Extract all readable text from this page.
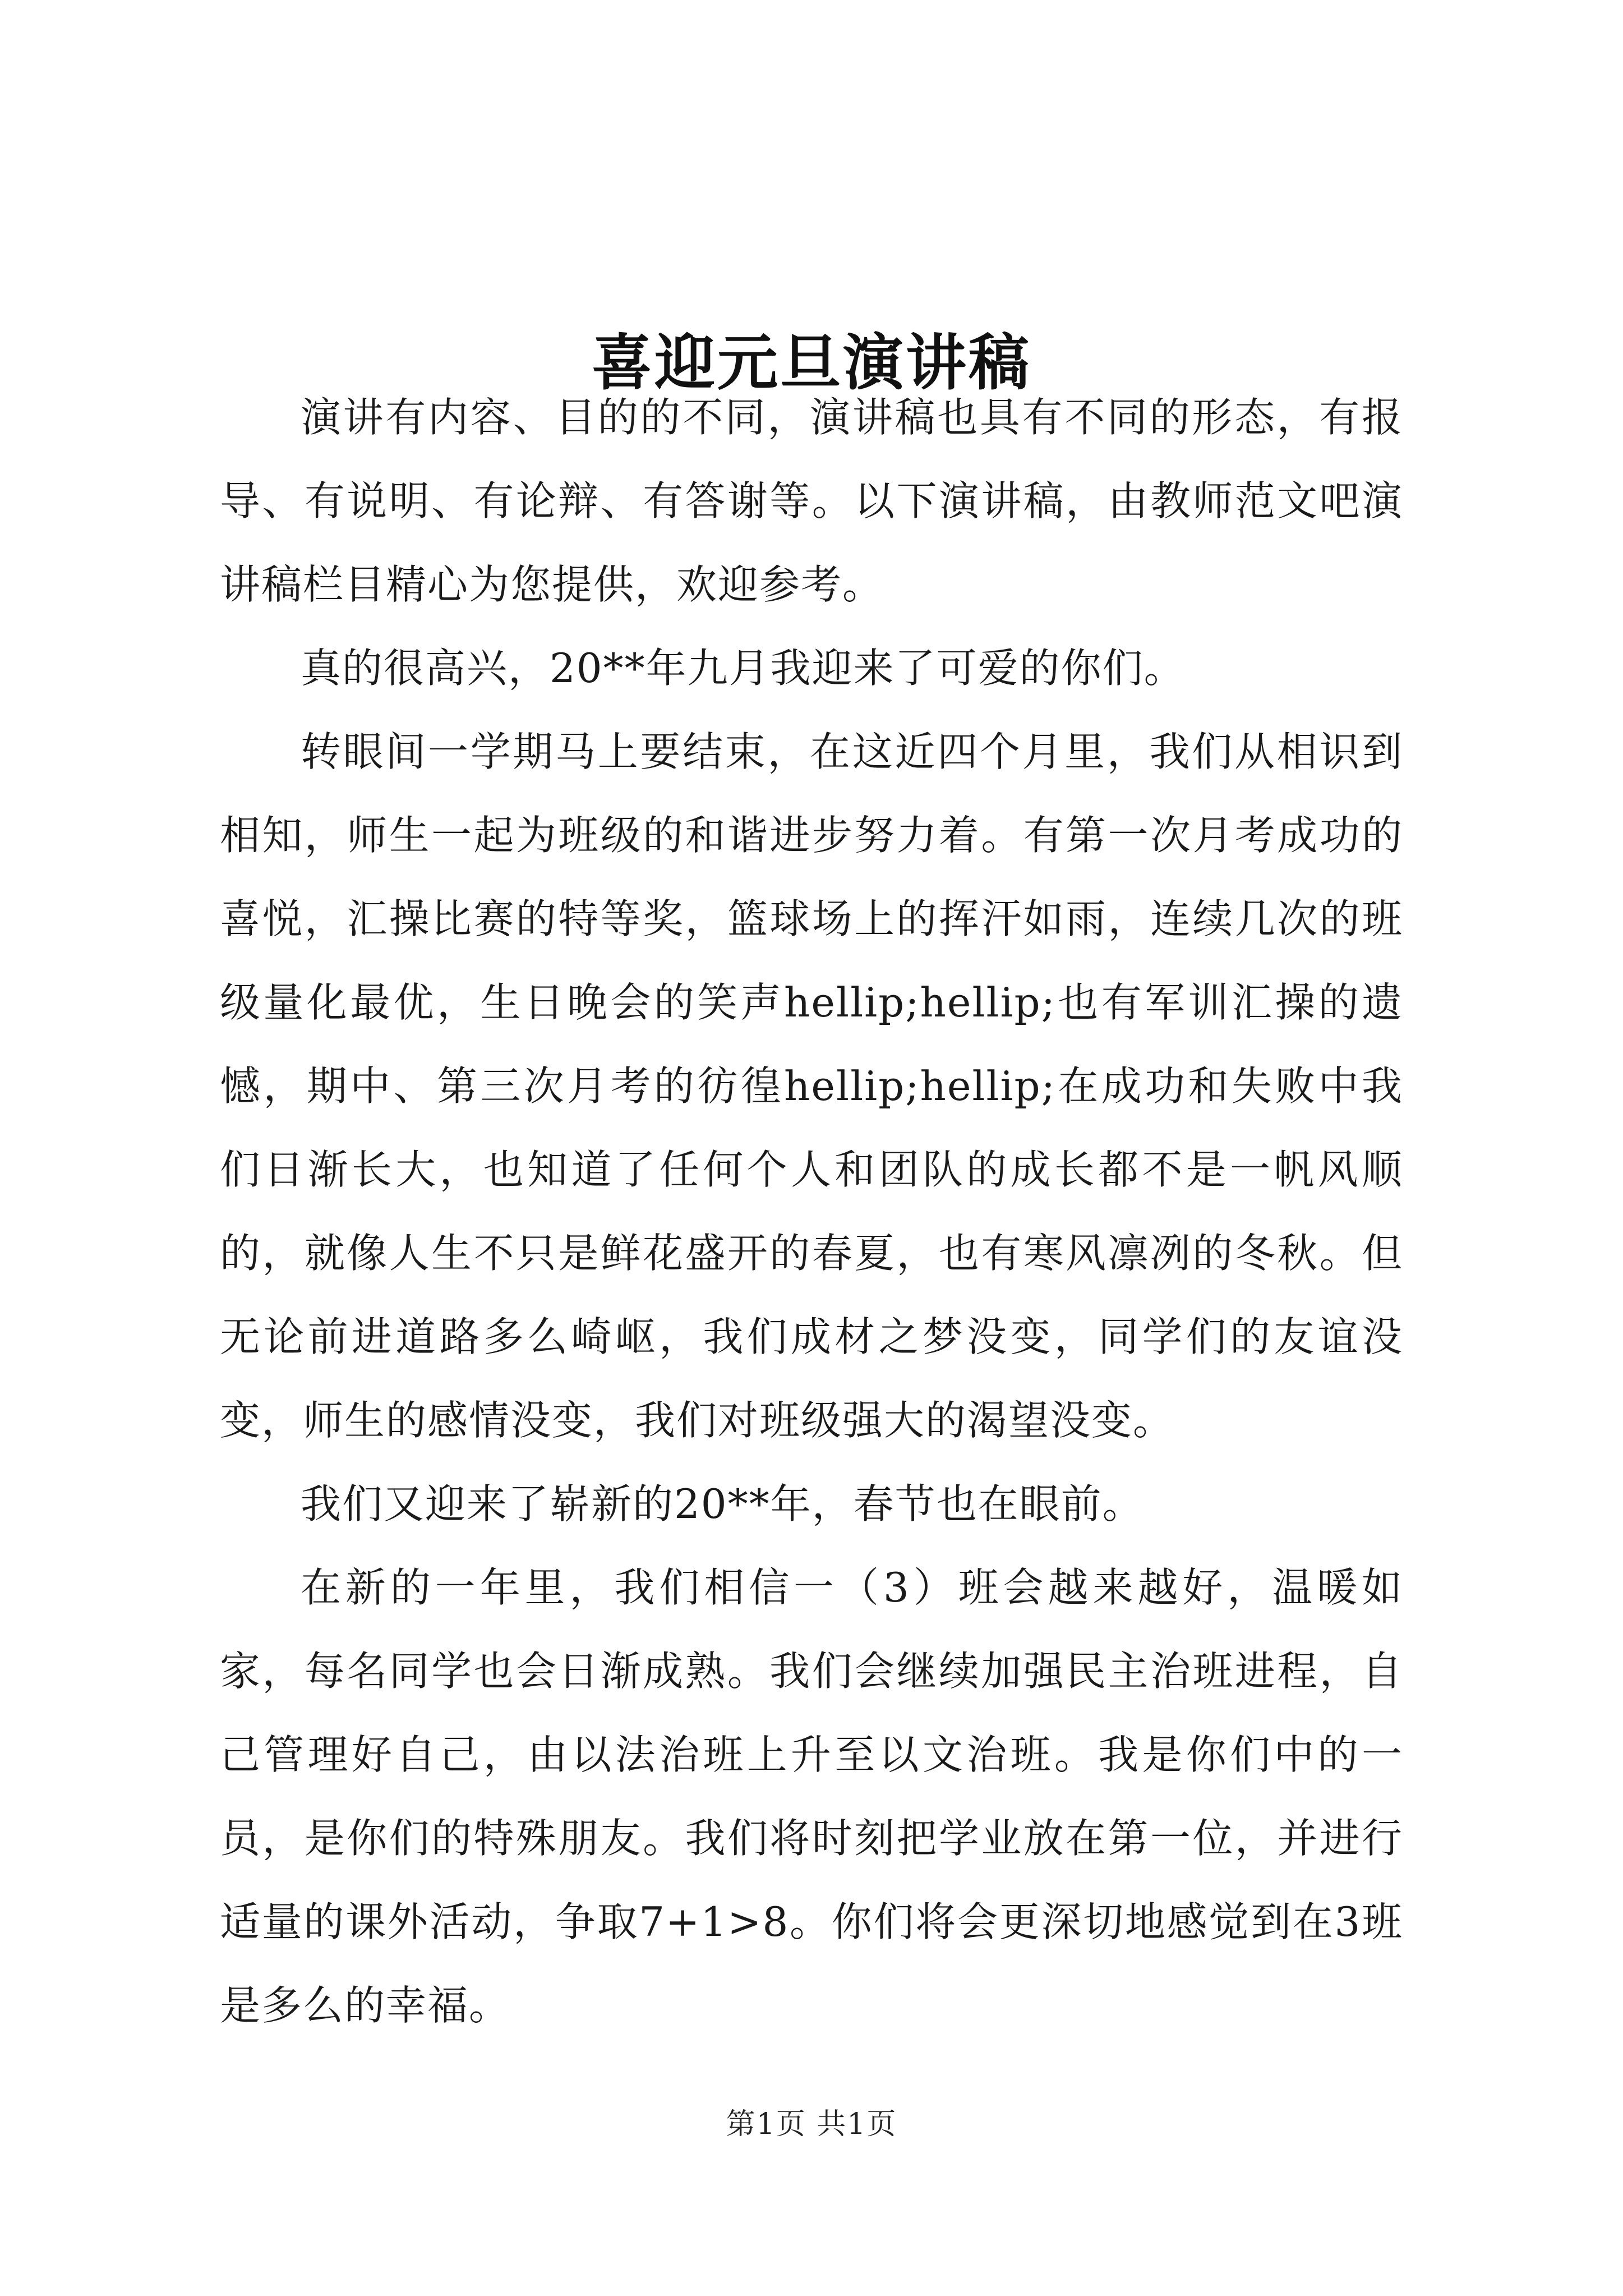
喜迎元旦演讲稿

演讲有内容、目的的不同，演讲稿也具有不同的形态，有报导、有说明、有论辩、有答谢等。以下演讲稿，由教师范文吧演讲稿栏目精心为您提供，欢迎参考。

真的很高兴，20**年九月我迎来了可爱的你们。

转眼间一学期马上要结束，在这近四个月里，我们从相识到相知，师生一起为班级的和谐进步努力着。有第一次月考成功的喜悦，汇操比赛的特等奖，篮球场上的挥汗如雨，连续几次的班级量化最优，生日晚会的笑声hellip;hellip;也有军训汇操的遗憾，期中、第三次月考的彷徨hellip;hellip;在成功和失败中我们日渐长大，也知道了任何个人和团队的成长都不是一帆风顺的，就像人生不只是鲜花盛开的春夏，也有寒风凛冽的冬秋。但无论前进道路多么崎岖，我们成材之梦没变，同学们的友谊没变，师生的感情没变，我们对班级强大的渴望没变。

我们又迎来了崭新的20**年，春节也在眼前。

在新的一年里，我们相信一（3）班会越来越好，温暖如家，每名同学也会日渐成熟。我们会继续加强民主治班进程，自己管理好自己，由以法治班上升至以文治班。我是你们中的一员，是你们的特殊朋友。我们将时刻把学业放在第一位，并进行适量的课外活动，争取7+1>8。你们将会更深切地感觉到在3班是多么的幸福。

第1页 共1页
